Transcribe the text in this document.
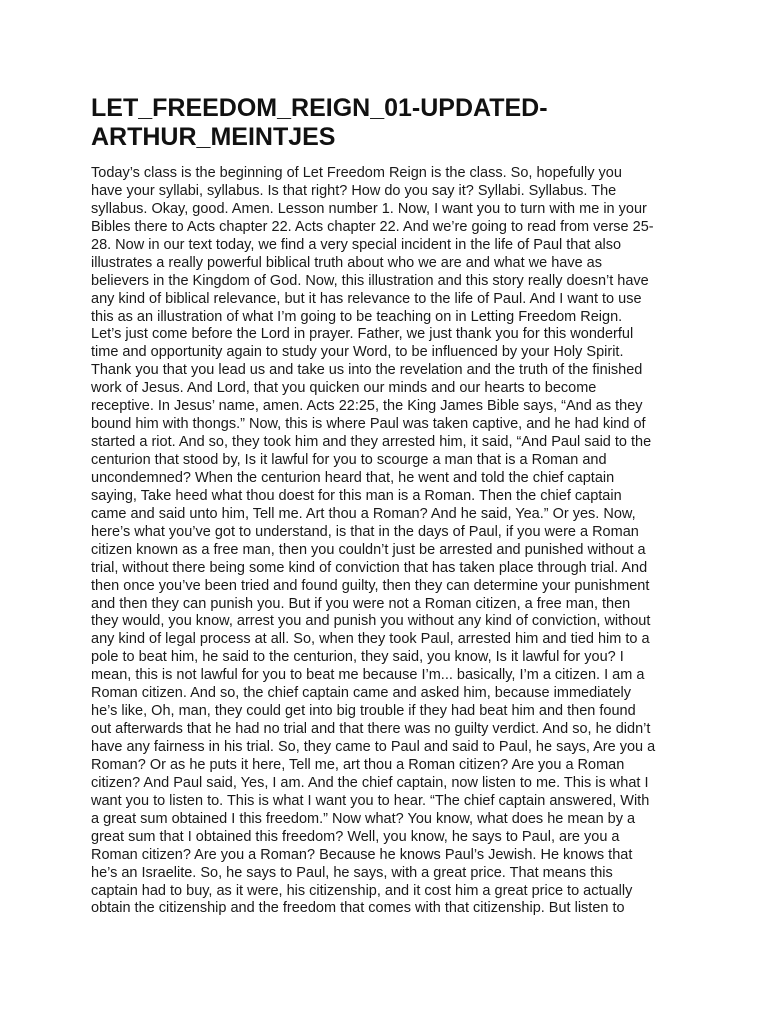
LET_FREEDOM_REIGN_01-UPDATED-
ARTHUR_MEINTJES
Today’s class is the beginning of Let Freedom Reign is the class. So, hopefully you
have your syllabi, syllabus. Is that right? How do you say it? Syllabi. Syllabus. The
syllabus. Okay, good. Amen. Lesson number 1. Now, I want you to turn with me in your
Bibles there to Acts chapter 22. Acts chapter 22. And we’re going to read from verse 25-
28. Now in our text today, we find a very special incident in the life of Paul that also
illustrates a really powerful biblical truth about who we are and what we have as
believers in the Kingdom of God. Now, this illustration and this story really doesn’t have
any kind of biblical relevance, but it has relevance to the life of Paul. And I want to use
this as an illustration of what I’m going to be teaching on in Letting Freedom Reign.
Let’s just come before the Lord in prayer. Father, we just thank you for this wonderful
time and opportunity again to study your Word, to be influenced by your Holy Spirit.
Thank you that you lead us and take us into the revelation and the truth of the finished
work of Jesus. And Lord, that you quicken our minds and our hearts to become
receptive. In Jesus’ name, amen. Acts 22:25, the King James Bible says, “And as they
bound him with thongs.” Now, this is where Paul was taken captive, and he had kind of
started a riot. And so, they took him and they arrested him, it said, “And Paul said to the
centurion that stood by, Is it lawful for you to scourge a man that is a Roman and
uncondemned? When the centurion heard that, he went and told the chief captain
saying, Take heed what thou doest for this man is a Roman. Then the chief captain
came and said unto him, Tell me. Art thou a Roman? And he said, Yea.” Or yes. Now,
here’s what you’ve got to understand, is that in the days of Paul, if you were a Roman
citizen known as a free man, then you couldn’t just be arrested and punished without a
trial, without there being some kind of conviction that has taken place through trial. And
then once you’ve been tried and found guilty, then they can determine your punishment
and then they can punish you. But if you were not a Roman citizen, a free man, then
they would, you know, arrest you and punish you without any kind of conviction, without
any kind of legal process at all. So, when they took Paul, arrested him and tied him to a
pole to beat him, he said to the centurion, they said, you know, Is it lawful for you? I
mean, this is not lawful for you to beat me because I’m... basically, I’m a citizen. I am a
Roman citizen. And so, the chief captain came and asked him, because immediately
he’s like, Oh, man, they could get into big trouble if they had beat him and then found
out afterwards that he had no trial and that there was no guilty verdict. And so, he didn’t
have any fairness in his trial. So, they came to Paul and said to Paul, he says, Are you a
Roman? Or as he puts it here, Tell me, art thou a Roman citizen? Are you a Roman
citizen? And Paul said, Yes, I am. And the chief captain, now listen to me. This is what I
want you to listen to. This is what I want you to hear. “The chief captain answered, With
a great sum obtained I this freedom.” Now what? You know, what does he mean by a
great sum that I obtained this freedom? Well, you know, he says to Paul, are you a
Roman citizen? Are you a Roman? Because he knows Paul’s Jewish. He knows that
he’s an Israelite. So, he says to Paul, he says, with a great price. That means this
captain had to buy, as it were, his citizenship, and it cost him a great price to actually
obtain the citizenship and the freedom that comes with that citizenship. But listen to
